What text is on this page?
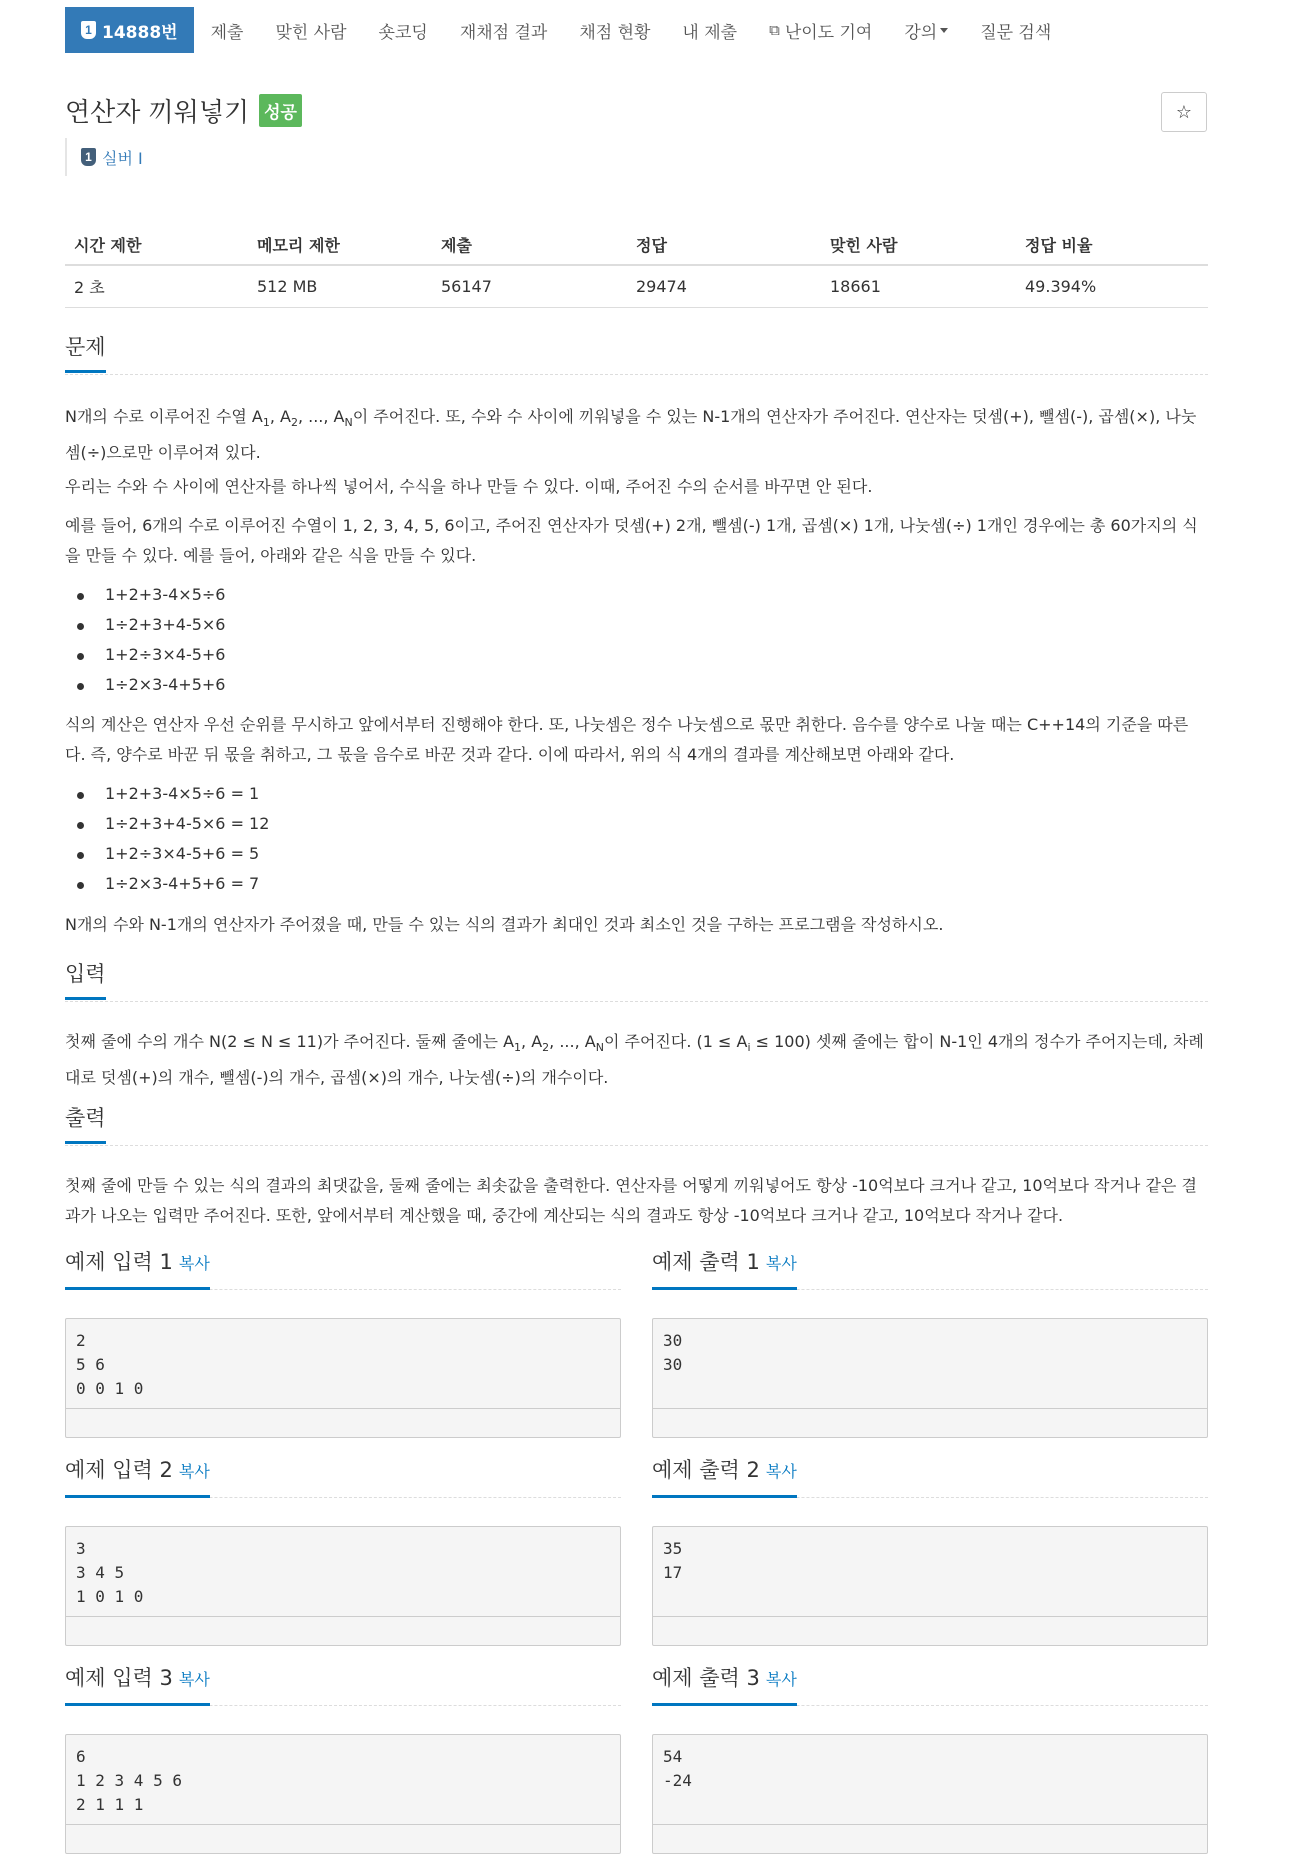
1 14888번 제출 맞힌 사람 숏코딩 재채점 결과 채점 현황 내 제출 ⧉ 난이도 기여 강의	질문 검색
연산자 끼워넣기 성공	☆
1 실버 I
시간 제한	메모리 제한	제출	정답	맞힌 사람	정답 비율
2 초	512 MB	56147	29474	18661	49.394%
문제
N개의 수로 이루어진 수열 $A_1$, $A_2$, ..., $A_N$이 주어진다. 또, 수와 수 사이에 끼워넣을 수 있는 N-1개의 연산자가 주어진다. 연산자는 덧셈(+), 뺄셈(-), 곱셈(×), 나눗셈(÷)으로만 이루어져 있다.
우리는 수와 수 사이에 연산자를 하나씩 넣어서, 수식을 하나 만들 수 있다. 이때, 주어진 수의 순서를 바꾸면 안 된다.
예를 들어, 6개의 수로 이루어진 수열이 1, 2, 3, 4, 5, 6이고, 주어진 연산자가 덧셈(+) 2개, 뺄셈(-) 1개, 곱셈(×) 1개, 나눗셈(÷) 1개인 경우에는 총 60가지의 식을 만들 수 있다. 예를 들어, 아래와 같은 식을 만들 수 있다.
1+2+3-4×5÷6
1÷2+3+4-5×6
1+2÷3×4-5+6
1÷2×3-4+5+6
식의 계산은 연산자 우선 순위를 무시하고 앞에서부터 진행해야 한다. 또, 나눗셈은 정수 나눗셈으로 몫만 취한다. 음수를 양수로 나눌 때는 C++14의 기준을 따른다. 즉, 양수로 바꾼 뒤 몫을 취하고, 그 몫을 음수로 바꾼 것과 같다. 이에 따라서, 위의 식 4개의 결과를 계산해보면 아래와 같다.
1+2+3-4×5÷6 = 1
1÷2+3+4-5×6 = 12
1+2÷3×4-5+6 = 5
1÷2×3-4+5+6 = 7
N개의 수와 N-1개의 연산자가 주어졌을 때, 만들 수 있는 식의 결과가 최대인 것과 최소인 것을 구하는 프로그램을 작성하시오.
입력
첫째 줄에 수의 개수 N(2 ≤ N ≤ 11)가 주어진다. 둘째 줄에는 $A_1$, $A_2$, ..., $A_N$이 주어진다. $(1 \le A_i \le 100)$ 셋째 줄에는 합이 N-1인 4개의 정수가 주어지는데, 차례대로 덧셈(+)의 개수, 뺄셈(-)의 개수, 곱셈(×)의 개수, 나눗셈(÷)의 개수이다.
출력
첫째 줄에 만들 수 있는 식의 결과의 최댓값을, 둘째 줄에는 최솟값을 출력한다. 연산자를 어떻게 끼워넣어도 항상 -10억보다 크거나 같고, 10억보다 작거나 같은 결과가 나오는 입력만 주어진다. 또한, 앞에서부터 계산했을 때, 중간에 계산되는 식의 결과도 항상 -10억보다 크거나 같고, 10억보다 작거나 같다.
예제 입력 1 복사	예제 출력 1 복사
2
5 6
0 0 1 0
30
30
예제 입력 2 복사	예제 출력 2 복사
3
3 4 5
1 0 1 0
35
17
예제 입력 3 복사	예제 출력 3 복사
6
1 2 3 4 5 6
2 1 1 1
54
-24
